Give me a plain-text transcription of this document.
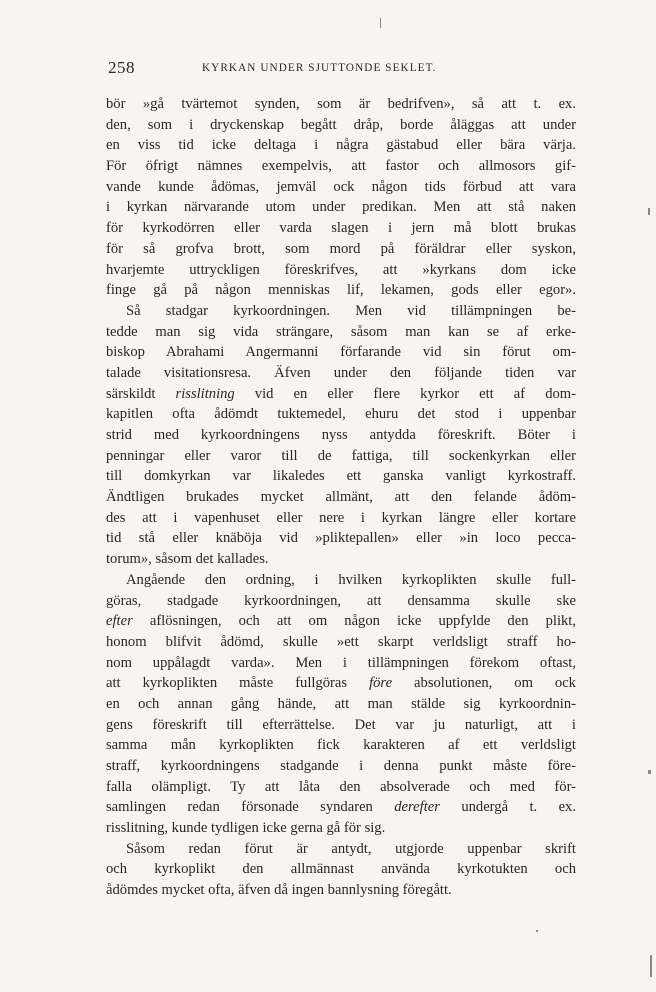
258	KYRKAN UNDER SJUTTONDE SEKLET.
bör »gå tvärtemot synden, som är bedrifven», så att t. ex.
den, som i dryckenskap begått dråp, borde åläggas att under
en viss tid icke deltaga i några gästabud eller bära värja.
För öfrigt nämnes exempelvis, att fastor och allmosors gif-
vande kunde ådömas, jemväl ock någon tids förbud att vara
i kyrkan närvarande utom under predikan. Men att stå naken
för kyrkodörren eller varda slagen i jern må blott brukas
för så grofva brott, som mord på föräldrar eller syskon,
hvarjemte uttryckligen föreskrifves, att »kyrkans dom icke
finge gå på någon menniskas lif, lekamen, gods eller egor».
Så stadgar kyrkoordningen. Men vid tillämpningen be-
tedde man sig vida strängare, såsom man kan se af erke-
biskop Abrahami Angermanni förfarande vid sin förut om-
talade visitationsresa. Äfven under den följande tiden var
särskildt risslitning vid en eller flere kyrkor ett af dom-
kapitlen ofta ådömdt tuktemedel, ehuru det stod i uppenbar
strid med kyrkoordningens nyss antydda föreskrift. Böter i
penningar eller varor till de fattiga, till sockenkyrkan eller
till domkyrkan var likaledes ett ganska vanligt kyrkostraff.
Ändtligen brukades mycket allmänt, att den felande ådöm-
des att i vapenhuset eller nere i kyrkan längre eller kortare
tid stå eller knäböja vid »pliktepallen» eller »in loco pecca-
torum», såsom det kallades.
Angående den ordning, i hvilken kyrkoplikten skulle full-
göras, stadgade kyrkoordningen, att densamma skulle ske
efter aflösningen, och att om någon icke uppfylde den plikt,
honom blifvit ådömd, skulle »ett skarpt verldsligt straff ho-
nom uppålagdt varda». Men i tillämpningen förekom oftast,
att kyrkoplikten måste fullgöras före absolutionen, om ock
en och annan gång hände, att man stälde sig kyrkoordnin-
gens föreskrift till efterrättelse. Det var ju naturligt, att i
samma mån kyrkoplikten fick karakteren af ett verldsligt
straff, kyrkoordningens stadgande i denna punkt måste före-
falla olämpligt. Ty att låta den absolverade och med för-
samlingen redan försonade syndaren derefter undergå t. ex.
risslitning, kunde tydligen icke gerna gå för sig.
Såsom redan förut är antydt, utgjorde uppenbar skrift
och kyrkoplikt den allmännast använda kyrkotukten och
ådömdes mycket ofta, äfven då ingen bannlysning föregått.
